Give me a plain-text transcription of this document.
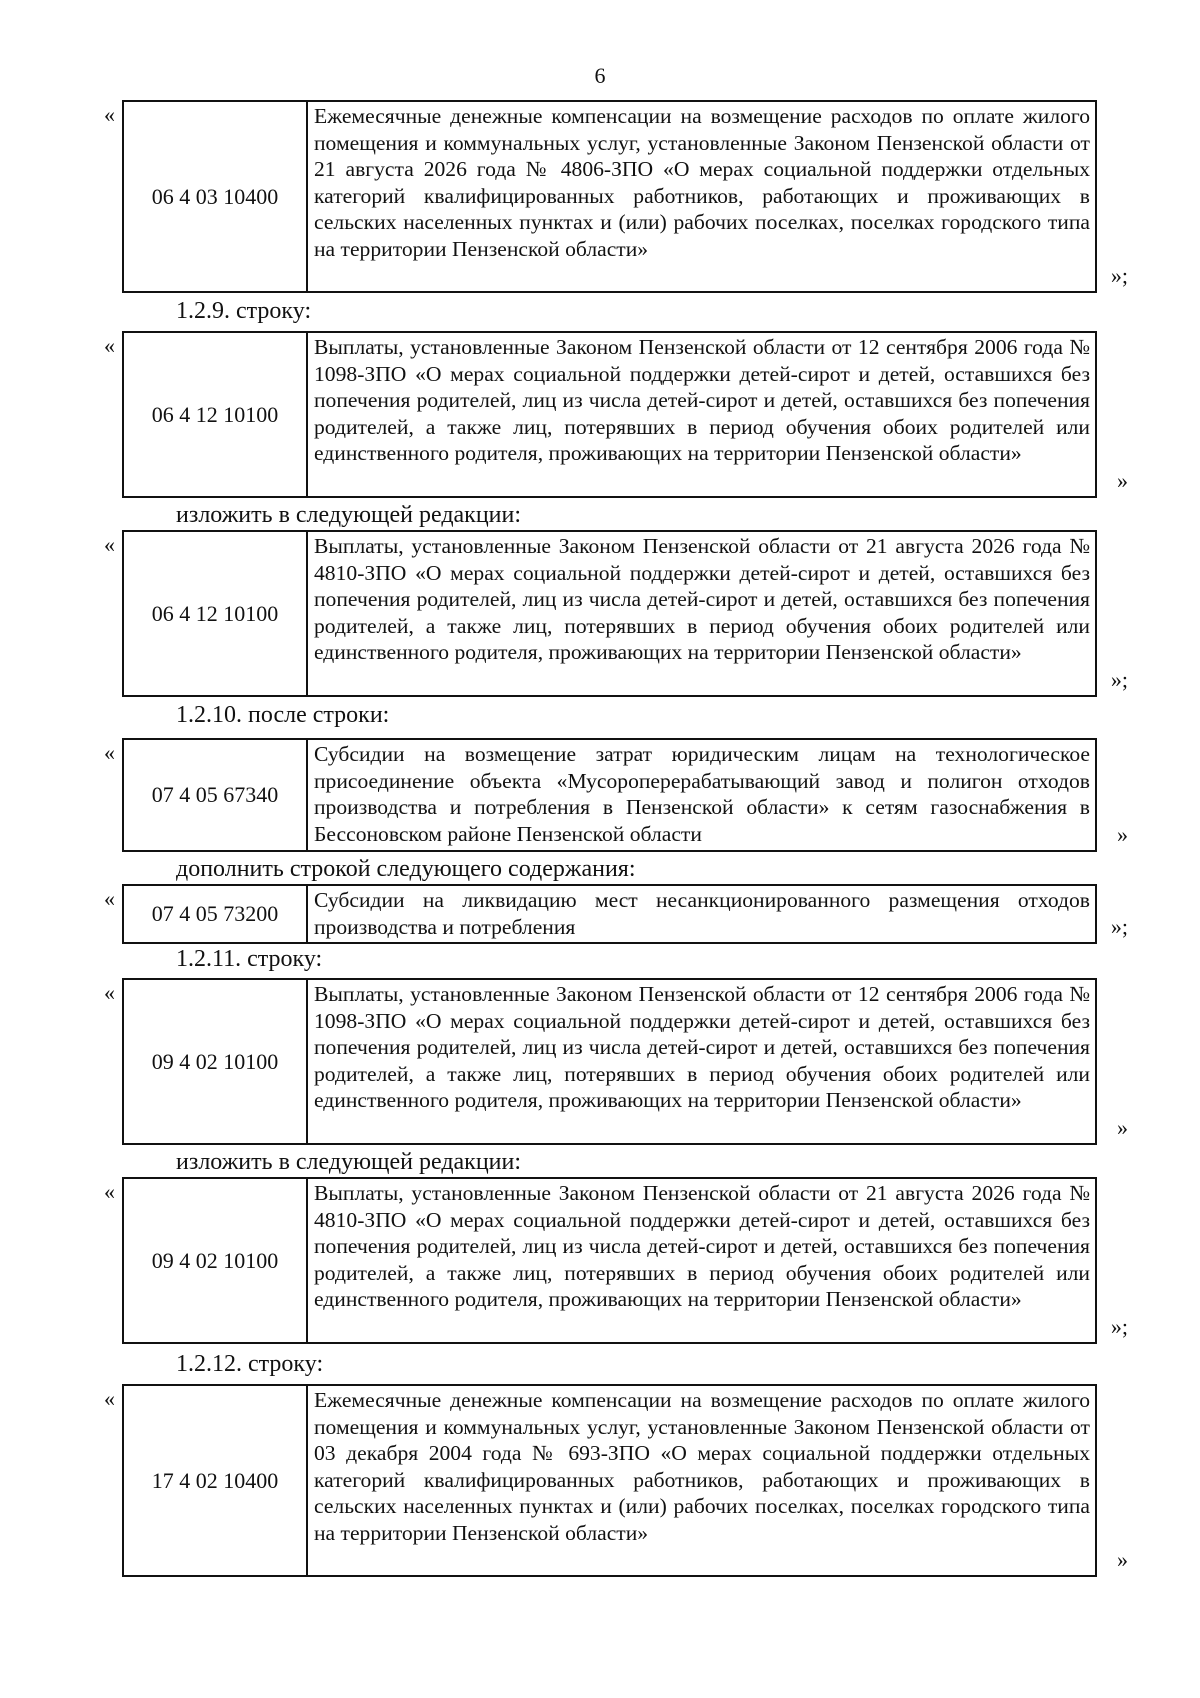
6
«
06 4 03 10400
Ежемесячные денежные компенсации на возмещение расходов по оплате жилого помещения и коммунальных услуг, установленные Законом Пензенской области от 21 августа 2026 года № 4806-ЗПО «О мерах социальной поддержки отдельных категорий квалифицированных работников, работающих и проживающих в сельских населенных пунктах и (или) рабочих поселках, поселках городского типа на территории Пензенской области»
»;
1.2.9. строку:
«
06 4 12 10100
Выплаты, установленные Законом Пензенской области от 12 сентября 2006 года № 1098-ЗПО «О мерах социальной поддержки детей-сирот и детей, оставшихся без попечения родителей, лиц из числа детей-сирот и детей, оставшихся без попечения родителей, а также лиц, потерявших в период обучения обоих родителей или единственного родителя, проживающих на территории Пензенской области»
»
изложить в следующей редакции:
«
06 4 12 10100
Выплаты, установленные Законом Пензенской области от 21 августа 2026 года № 4810-ЗПО «О мерах социальной поддержки детей-сирот и детей, оставшихся без попечения родителей, лиц из числа детей-сирот и детей, оставшихся без попечения родителей, а также лиц, потерявших в период обучения обоих родителей или единственного родителя, проживающих на территории Пензенской области»
»;
1.2.10. после строки:
«
07 4 05 67340
Субсидии на возмещение затрат юридическим лицам на технологическое присоединение объекта «Мусороперерабатывающий завод и полигон отходов производства и потребления в Пензенской области» к сетям газоснабжения в Бессоновском районе Пензенской области	»
дополнить строкой следующего содержания:
«
07 4 05 73200
Субсидии на ликвидацию мест несанкционированного размещения отходов производства и потребления	»;
1.2.11. строку:
«
09 4 02 10100
Выплаты, установленные Законом Пензенской области от 12 сентября 2006 года № 1098-ЗПО «О мерах социальной поддержки детей-сирот и детей, оставшихся без попечения родителей, лиц из числа детей-сирот и детей, оставшихся без попечения родителей, а также лиц, потерявших в период обучения обоих родителей или единственного родителя, проживающих на территории Пензенской области»
»
изложить в следующей редакции:
«
09 4 02 10100
Выплаты, установленные Законом Пензенской области от 21 августа 2026 года № 4810-ЗПО «О мерах социальной поддержки детей-сирот и детей, оставшихся без попечения родителей, лиц из числа детей-сирот и детей, оставшихся без попечения родителей, а также лиц, потерявших в период обучения обоих родителей или единственного родителя, проживающих на территории Пензенской области»
»;
1.2.12. строку:
«
17 4 02 10400
Ежемесячные денежные компенсации на возмещение расходов по оплате жилого помещения и коммунальных услуг, установленные Законом Пензенской области от 03 декабря 2004 года № 693-ЗПО «О мерах социальной поддержки отдельных категорий квалифицированных работников, работающих и проживающих в сельских населенных пунктах и (или) рабочих поселках, поселках городского типа на территории Пензенской области»
»
